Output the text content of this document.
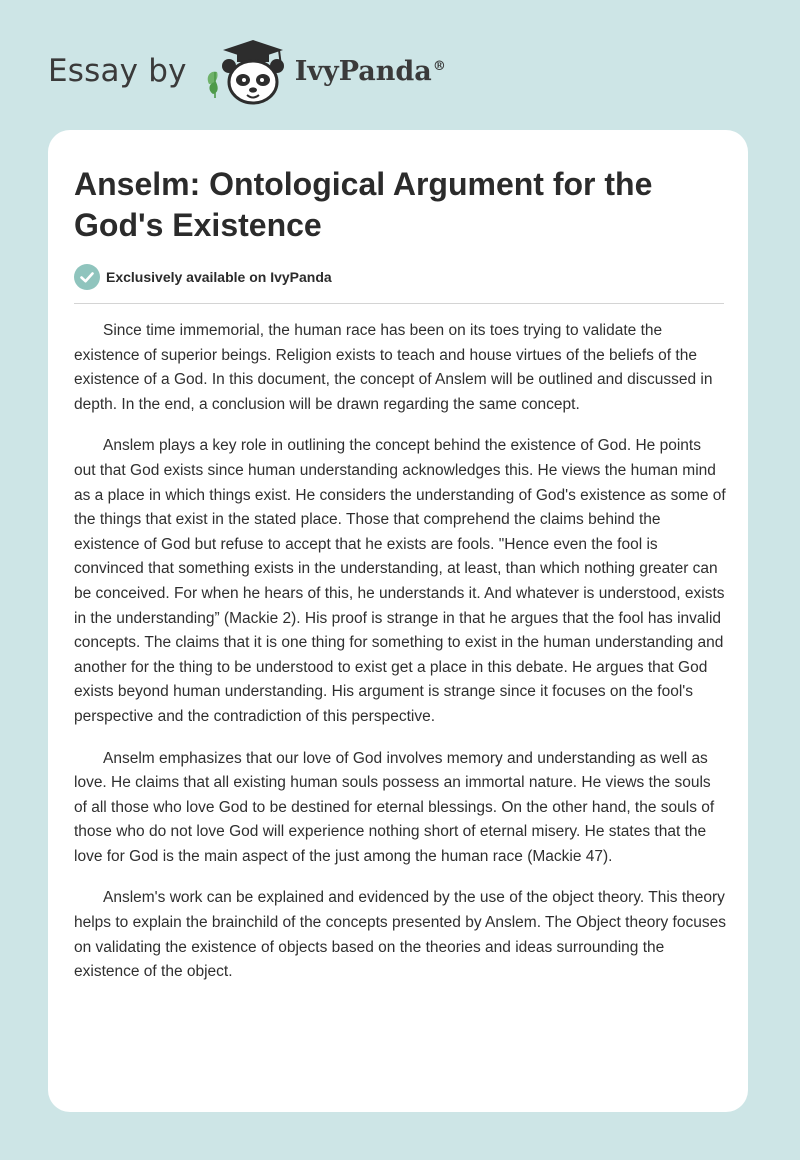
Essay by	IvyPanda®
Anselm: Ontological Argument for the God's Existence
Exclusively available on IvyPanda

Since time immemorial, the human race has been on its toes trying to validate the existence of superior beings. Religion exists to teach and house virtues of the beliefs of the existence of a God. In this document, the concept of Anslem will be outlined and discussed in depth. In the end, a conclusion will be drawn regarding the same concept.

Anslem plays a key role in outlining the concept behind the existence of God. He points out that God exists since human understanding acknowledges this. He views the human mind as a place in which things exist. He considers the understanding of God's existence as some of the things that exist in the stated place. Those that comprehend the claims behind the existence of God but refuse to accept that he exists are fools. "Hence even the fool is convinced that something exists in the understanding, at least, than which nothing greater can be conceived. For when he hears of this, he understands it. And whatever is understood, exists in the understanding” (Mackie 2). His proof is strange in that he argues that the fool has invalid concepts. The claims that it is one thing for something to exist in the human understanding and another for the thing to be understood to exist get a place in this debate. He argues that God exists beyond human understanding. His argument is strange since it focuses on the fool's perspective and the contradiction of this perspective.

Anselm emphasizes that our love of God involves memory and understanding as well as love. He claims that all existing human souls possess an immortal nature. He views the souls of all those who love God to be destined for eternal blessings. On the other hand, the souls of those who do not love God will experience nothing short of eternal misery. He states that the love for God is the main aspect of the just among the human race (Mackie 47).

Anslem's work can be explained and evidenced by the use of the object theory. This theory helps to explain the brainchild of the concepts presented by Anslem. The Object theory focuses on validating the existence of objects based on the theories and ideas surrounding the existence of the object.
